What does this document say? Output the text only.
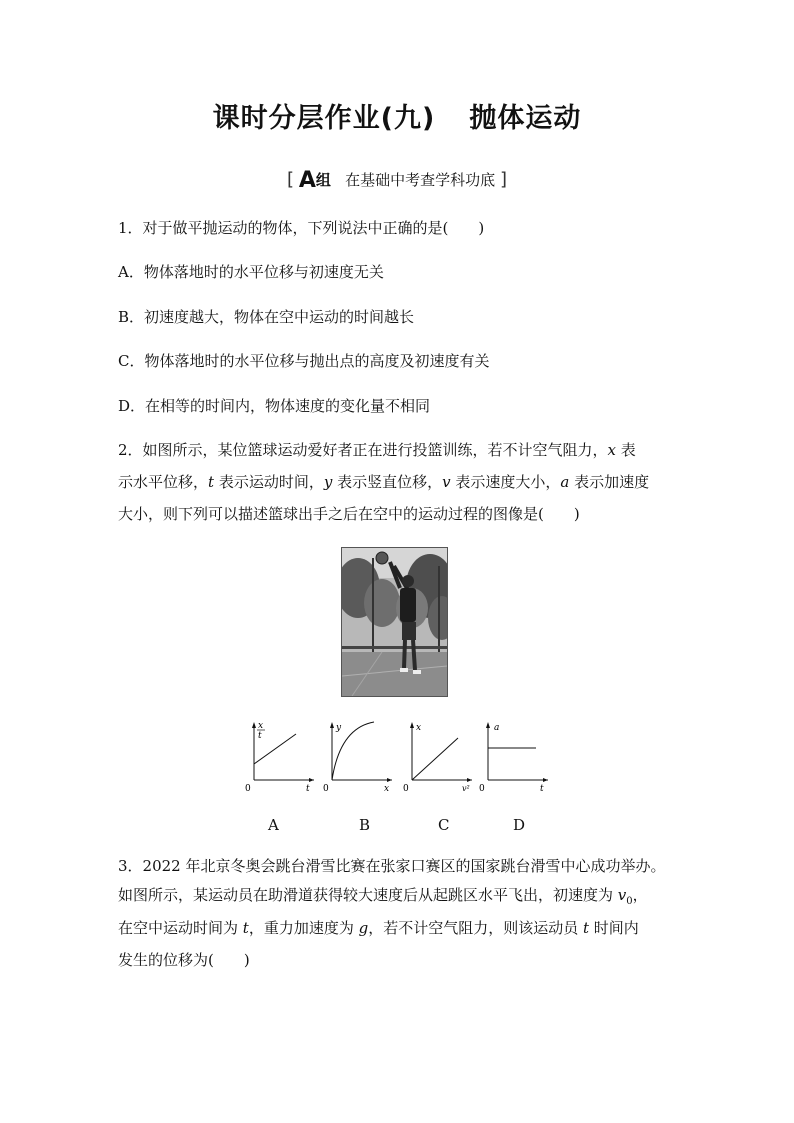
课时分层作业(九) 抛体运动
[ A组 在基础中考查学科功底 ]
1．对于做平抛运动的物体，下列说法中正确的是(　　)
A．物体落地时的水平位移与初速度无关
B．初速度越大，物体在空中运动的时间越长
C．物体落地时的水平位移与抛出点的高度及初速度有关
D．在相等的时间内，物体速度的变化量不相同
2．如图所示，某位篮球运动爱好者正在进行投篮训练，若不计空气阻力，x 表
示水平位移，t 表示运动时间，y 表示竖直位移，v 表示速度大小，a 表示加速度
大小，则下列可以描述篮球出手之后在空中的运动过程的图像是(　　)
x
t
t
0
y
x
0
x
v²
0
a
t
0
A	B	C	D
3．2022 年北京冬奥会跳台滑雪比赛在张家口赛区的国家跳台滑雪中心成功举办。
如图所示，某运动员在助滑道获得较大速度后从起跳区水平飞出，初速度为 $v_0$，
在空中运动时间为 t，重力加速度为 g，若不计空气阻力，则该运动员 t 时间内
发生的位移为(　　)
